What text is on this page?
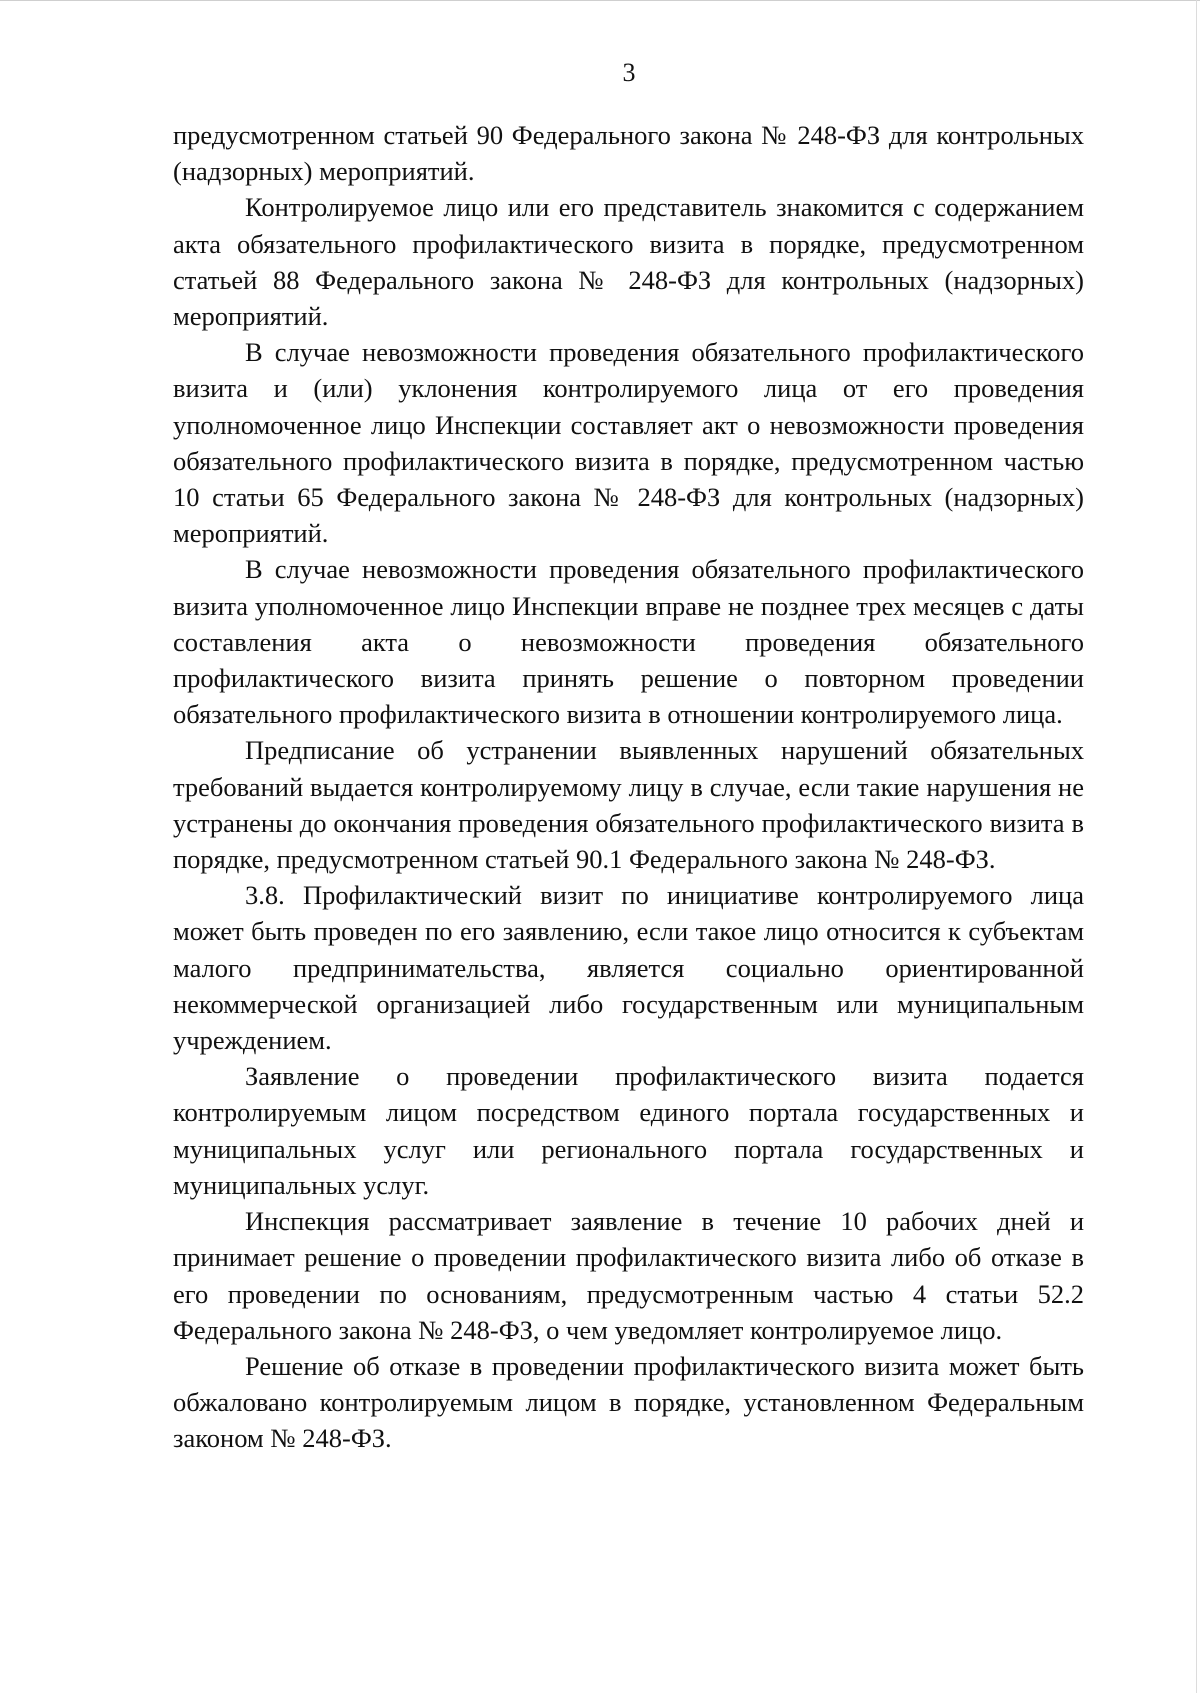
3

предусмотренном статьей 90 Федерального закона № 248-ФЗ для контрольных (надзорных) мероприятий.

Контролируемое лицо или его представитель знакомится с содержанием акта обязательного профилактического визита в порядке, предусмотренном статьей 88 Федерального закона № 248-ФЗ для контрольных (надзорных) мероприятий.

В случае невозможности проведения обязательного профилактического визита и (или) уклонения контролируемого лица от его проведения уполномоченное лицо Инспекции составляет акт о невозможности проведения обязательного профилактического визита в порядке, предусмотренном частью 10 статьи 65 Федерального закона № 248-ФЗ для контрольных (надзорных) мероприятий.

В случае невозможности проведения обязательного профилактического визита уполномоченное лицо Инспекции вправе не позднее трех месяцев с даты составления акта о невозможности проведения обязательного профилактического визита принять решение о повторном проведении обязательного профилактического визита в отношении контролируемого лица.

Предписание об устранении выявленных нарушений обязательных требований выдается контролируемому лицу в случае, если такие нарушения не устранены до окончания проведения обязательного профилактического визита в порядке, предусмотренном статьей 90.1 Федерального закона № 248-ФЗ.

3.8. Профилактический визит по инициативе контролируемого лица может быть проведен по его заявлению, если такое лицо относится к субъектам малого предпринимательства, является социально ориентированной некоммерческой организацией либо государственным или муниципальным учреждением.

Заявление о проведении профилактического визита подается контролируемым лицом посредством единого портала государственных и муниципальных услуг или регионального портала государственных и муниципальных услуг.

Инспекция рассматривает заявление в течение 10 рабочих дней и принимает решение о проведении профилактического визита либо об отказе в его проведении по основаниям, предусмотренным частью 4 статьи 52.2 Федерального закона № 248-ФЗ, о чем уведомляет контролируемое лицо.

Решение об отказе в проведении профилактического визита может быть обжаловано контролируемым лицом в порядке, установленном Федеральным законом № 248-ФЗ.
